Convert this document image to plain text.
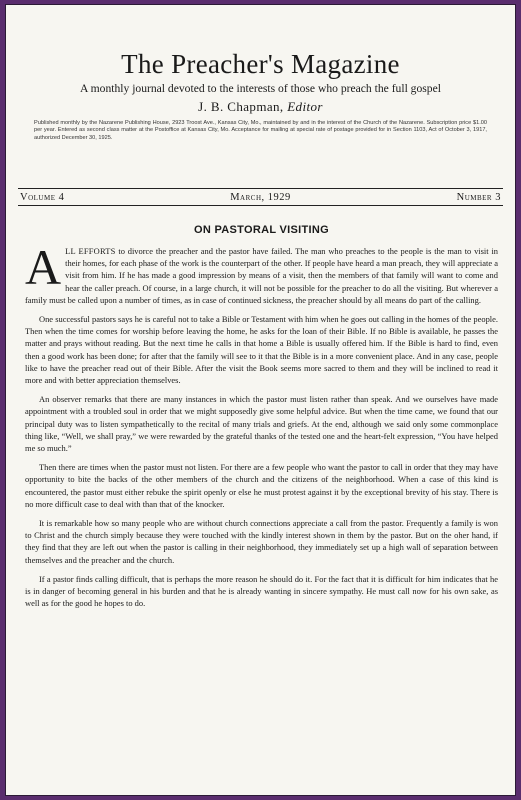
The Preacher's Magazine
A monthly journal devoted to the interests of those who preach the full gospel
J. B. Chapman, Editor
Published monthly by the Nazarene Publishing House, 2923 Troost Ave., Kansas City, Mo., maintained by and in the interest of the Church of the Nazarene. Subscription price $1.00 per year. Entered as second class matter at the Postoffice at Kansas City, Mo. Acceptance for mailing at special rate of postage provided for in Section 1103, Act of October 3, 1917, authorized December 30, 1925.
Volume 4	March, 1929	Number 3
ON PASTORAL VISITING

ALL EFFORTS to divorce the preacher and the pastor have failed. The man who preaches to the people is the man to visit in their homes, for each phase of the work is the counterpart of the other. If people have heard a man preach, they will appreciate a visit from him. If he has made a good impression by means of a visit, then the members of that family will want to come and hear the caller preach. Of course, in a large church, it will not be possible for the preacher to do all the visiting. But wherever a family must be called upon a number of times, as in case of continued sickness, the preacher should by all means do part of the calling.

One successful pastors says he is careful not to take a Bible or Testament with him when he goes out calling in the homes of the people. Then when the time comes for worship before leaving the home, he asks for the loan of their Bible. If no Bible is available, he passes the matter and prays without reading. But the next time he calls in that home a Bible is usually offered him. If the Bible is hard to find, even then a good work has been done; for after that the family will see to it that the Bible is in a more convenient place. And in any case, people like to have the preacher read out of their Bible. After the visit the Book seems more sacred to them and they will be inclined to read it more and with better appreciation themselves.

An observer remarks that there are many instances in which the pastor must listen rather than speak. And we ourselves have made appointment with a troubled soul in order that we might supposedly give some helpful advice. But when the time came, we found that our principal duty was to listen sympathetically to the recital of many trials and griefs. At the end, although we said only some commonplace thing like, “Well, we shall pray,” we were rewarded by the grateful thanks of the tested one and the heart-felt expression, “You have helped me so much.”

Then there are times when the pastor must not listen. For there are a few people who want the pastor to call in order that they may have opportunity to bite the backs of the other members of the church and the citizens of the neighborhood. When a case of this kind is encountered, the pastor must either rebuke the spirit openly or else he must protest against it by the exceptional brevity of his stay. There is no more difficult case to deal with than that of the knocker.

It is remarkable how so many people who are without church connections appreciate a call from the pastor. Frequently a family is won to Christ and the church simply because they were touched with the kindly interest shown in them by the pastor. But on the oher hand, if they find that they are left out when the pastor is calling in their neighborhood, they immediately set up a high wall of separation between themselves and the preacher and the church.

If a pastor finds calling difficult, that is perhaps the more reason he should do it. For the fact that it is difficult for him indicates that he is in danger of becoming general in his burden and that he is already wanting in sincere sympathy. He must call now for his own sake, as well as for the good he hopes to do.
